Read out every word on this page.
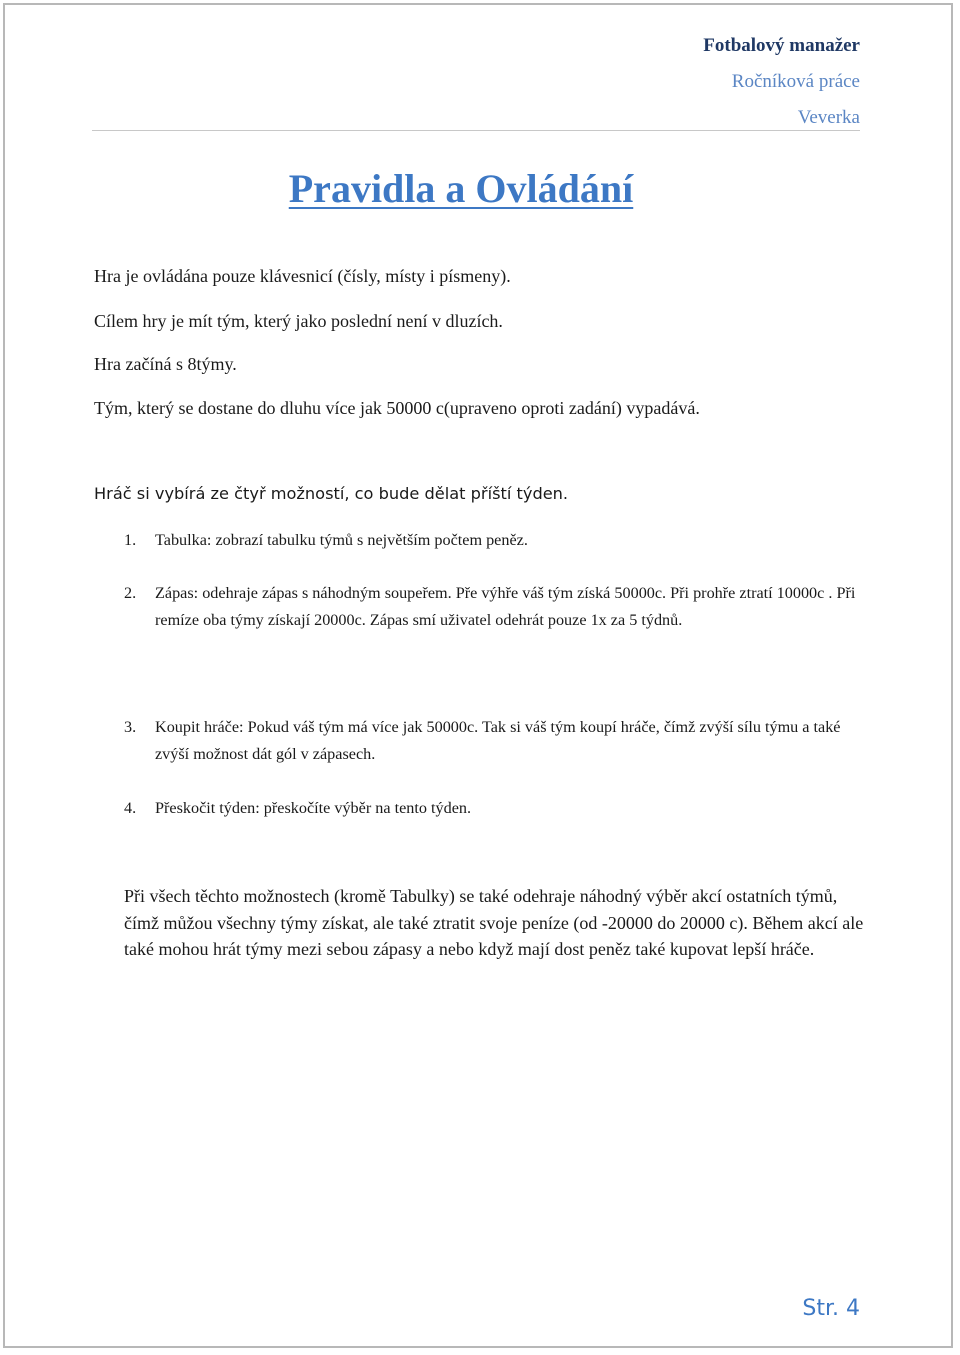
Fotbalový manažer
Ročníková práce
Veverka
Pravidla a Ovládání

Hra je ovládána pouze klávesnicí (čísly, místy i písmeny).

Cílem hry je mít tým, který jako poslední není v dluzích.

Hra začíná s 8týmy.

Tým, který se dostane do dluhu více jak 50000 c(upraveno oproti zadání) vypadává.

Hráč si vybírá ze čtyř možností, co bude dělat příští týden.

1. Tabulka: zobrazí tabulku týmů s největším počtem peněz.
2. Zápas: odehraje zápas s náhodným soupeřem. Pře výhře váš tým získá 50000c. Při prohře ztratí 10000c . Při remíze oba týmy získají 20000c. Zápas smí uživatel odehrát pouze 1x za 5 týdnů.
3. Koupit hráče: Pokud váš tým má více jak 50000c. Tak si váš tým koupí hráče, čímž zvýší sílu týmu a také zvýší možnost dát gól v zápasech.
4. Přeskočit týden: přeskočíte výběr na tento týden.

Při všech těchto možnostech (kromě Tabulky) se také odehraje náhodný výběr akcí ostatních týmů, čímž můžou všechny týmy získat, ale také ztratit svoje peníze (od -20000 do 20000 c). Během akcí ale také mohou hrát týmy mezi sebou zápasy a nebo když mají dost peněz také kupovat lepší hráče.

Str. 4
